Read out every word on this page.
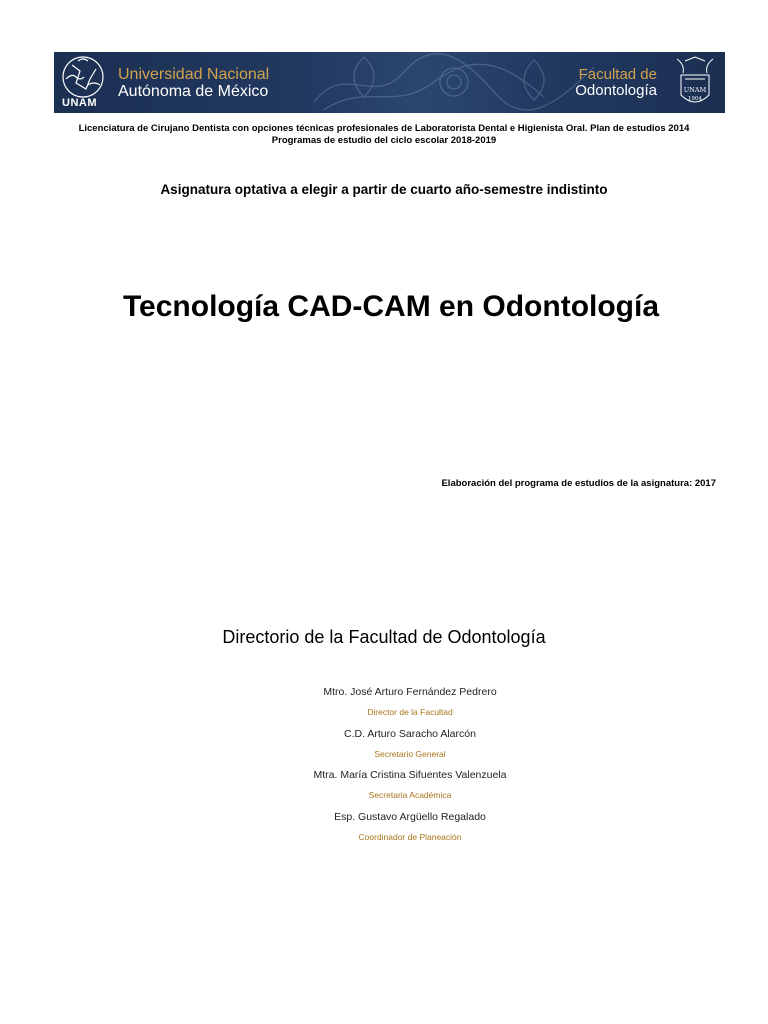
UNAM
Universidad Nacional
Autónoma de México
Facultad de
Odontología	UNAM
1904
Licenciatura de Cirujano Dentista con opciones técnicas profesionales de Laboratorista Dental e Higienista Oral. Plan de estudios 2014
Programas de estudio del ciclo escolar 2018-2019
Asignatura optativa a elegir a partir de cuarto año-semestre indistinto
Tecnología CAD-CAM en Odontología
Elaboración del programa de estudios de la asignatura: 2017
Directorio de la Facultad de Odontología
Mtro. José Arturo Fernández Pedrero
Director de la Facultad
C.D. Arturo Saracho Alarcón
Secretario General
Mtra. María Cristina Sifuentes Valenzuela
Secretaria Académica
Esp. Gustavo Argüello Regalado
Coordinador de Planeación
